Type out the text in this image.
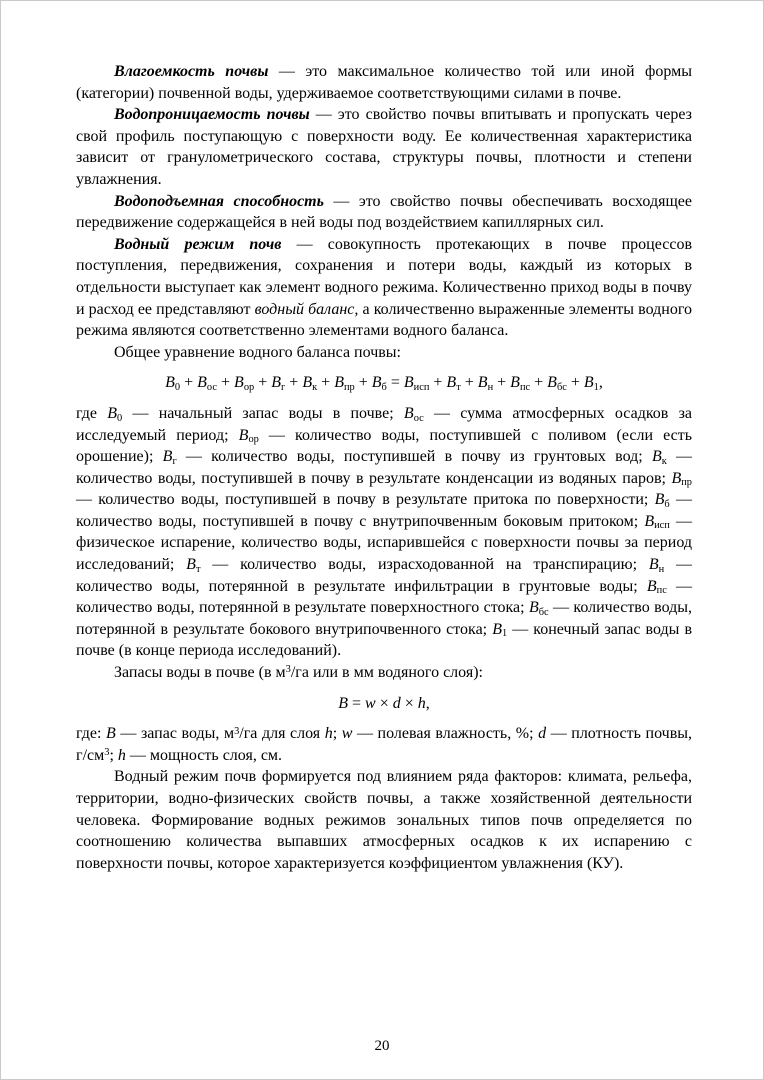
Влагоемкость почвы — это максимальное количество той или иной формы (категории) почвенной воды, удерживаемое соответствующими силами в почве.

Водопроницаемость почвы — это свойство почвы впитывать и пропускать через свой профиль поступающую с поверхности воду. Ее количественная характеристика зависит от гранулометрического состава, структуры почвы, плотности и степени увлажнения.

Водоподъемная способность — это свойство почвы обеспечивать восходящее передвижение содержащейся в ней воды под воздействием капиллярных сил.

Водный режим почв — совокупность протекающих в почве процессов поступления, передвижения, сохранения и потери воды, каждый из которых в отдельности выступает как элемент водного режима. Количественно приход воды в почву и расход ее представляют водный баланс, а количественно выраженные элементы водного режима являются соответственно элементами водного баланса.

Общее уравнение водного баланса почвы:

$В_0 + В_{ос} + В_{ор} + В_г + В_к + В_{пр} + В_б = В_{исп} + В_т + В_н + В_{пс} + В_{бс} + В_1$,

где $В_0$ — начальный запас воды в почве; $В_{ос}$ — сумма атмосферных осадков за исследуемый период; $В_{ор}$ — количество воды, поступившей с поливом (если есть орошение); $В_г$ — количество воды, поступившей в почву из грунтовых вод; $В_к$ — количество воды, поступившей в почву в результате конденсации из водяных паров; $В_{пр}$ — количество воды, поступившей в почву в результате притока по поверхности; $В_б$ — количество воды, поступившей в почву с внутрипочвенным боковым притоком; $В_{исп}$ — физическое испарение, количество воды, испарившейся с поверхности почвы за период исследований; $В_т$ — количество воды, израсходованной на транспирацию; $В_н$ — количество воды, потерянной в результате инфильтрации в грунтовые воды; $В_{пс}$ — количество воды, потерянной в результате поверхностного стока; $В_{бс}$ — количество воды, потерянной в результате бокового внутрипочвенного стока; $В_1$ — конечный запас воды в почве (в конце периода исследований).

Запасы воды в почве (в $м^3/га$ или в мм водяного слоя):

B = w × d × h,

где: B — запас воды, $м^3/га$ для слоя h; w — полевая влажность, %; d — плотность почвы, $г/см^3$; h — мощность слоя, см.

Водный режим почв формируется под влиянием ряда факторов: климата, рельефа, территории, водно-физических свойств почвы, а также хозяйственной деятельности человека. Формирование водных режимов зональных типов почв определяется по соотношению количества выпавших атмосферных осадков к их испарению с поверхности почвы, которое характеризуется коэффициентом увлажнения (КУ).

20
